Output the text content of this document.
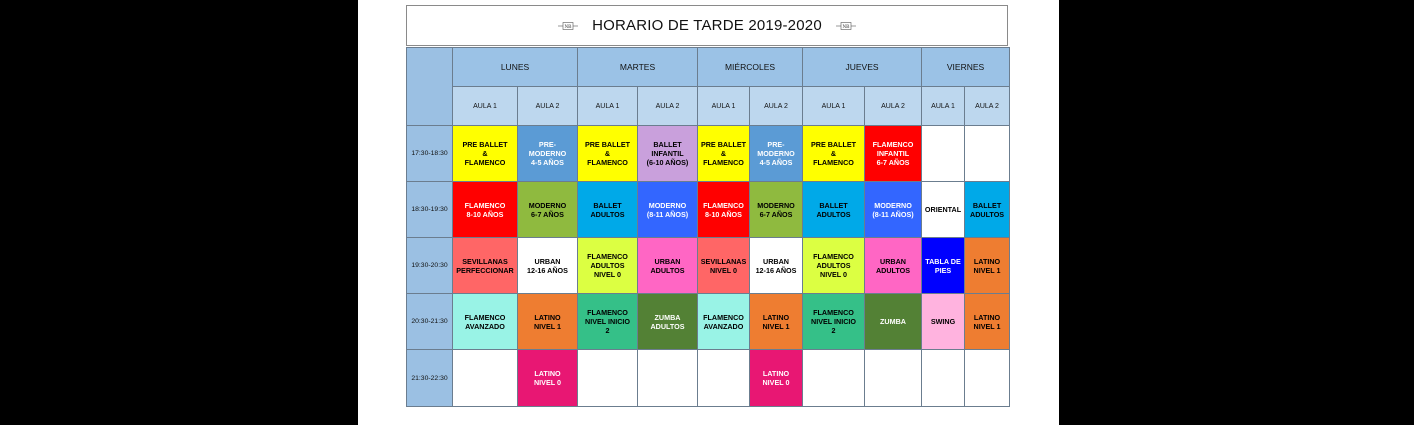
NB HORARIO DE TARDE 2019-2020	NB
	LUNES		MARTES		MIÉRCOLES		JUEVES		VIERNES	
	AULA 1	AULA 2	AULA 1	AULA 2	AULA 1	AULA 2	AULA 1	AULA 2	AULA 1	AULA 2
17:30-18:30	PRE BALLET
&
FLAMENCO	PRE-
MODERNO
4-5 AÑOS	PRE BALLET
&
FLAMENCO	BALLET
INFANTIL
(6-10 AÑOS)	PRE BALLET
&
FLAMENCO	PRE-
MODERNO
4-5 AÑOS	PRE BALLET
&
FLAMENCO	FLAMENCO
INFANTIL
6-7 AÑOS		

18:30-19:30	FLAMENCO
8-10 AÑOS	MODERNO
6-7 AÑOS	BALLET
ADULTOS	MODERNO
(8-11 AÑOS)	FLAMENCO
8-10 AÑOS	MODERNO
6-7 AÑOS	BALLET
ADULTOS	MODERNO
(8-11 AÑOS)	ORIENTAL	BALLET
ADULTOS

19:30-20:30	SEVILLANAS
PERFECCIONAR	URBAN
12-16 AÑOS	FLAMENCO
ADULTOS
NIVEL 0	URBAN
ADULTOS	SEVILLANAS
NIVEL 0	URBAN
12-16 AÑOS	FLAMENCO
ADULTOS
NIVEL 0	URBAN
ADULTOS	TABLA DE
PIES	LATINO
NIVEL 1

20:30-21:30	FLAMENCO
AVANZADO	LATINO
NIVEL 1	FLAMENCO
NIVEL INICIO
2	ZUMBA
ADULTOS	FLAMENCO
AVANZADO	LATINO
NIVEL 1	FLAMENCO
NIVEL INICIO
2	ZUMBA	SWING	LATINO
NIVEL 1

21:30-22:30		LATINO
NIVEL 0				LATINO
NIVEL 0				
